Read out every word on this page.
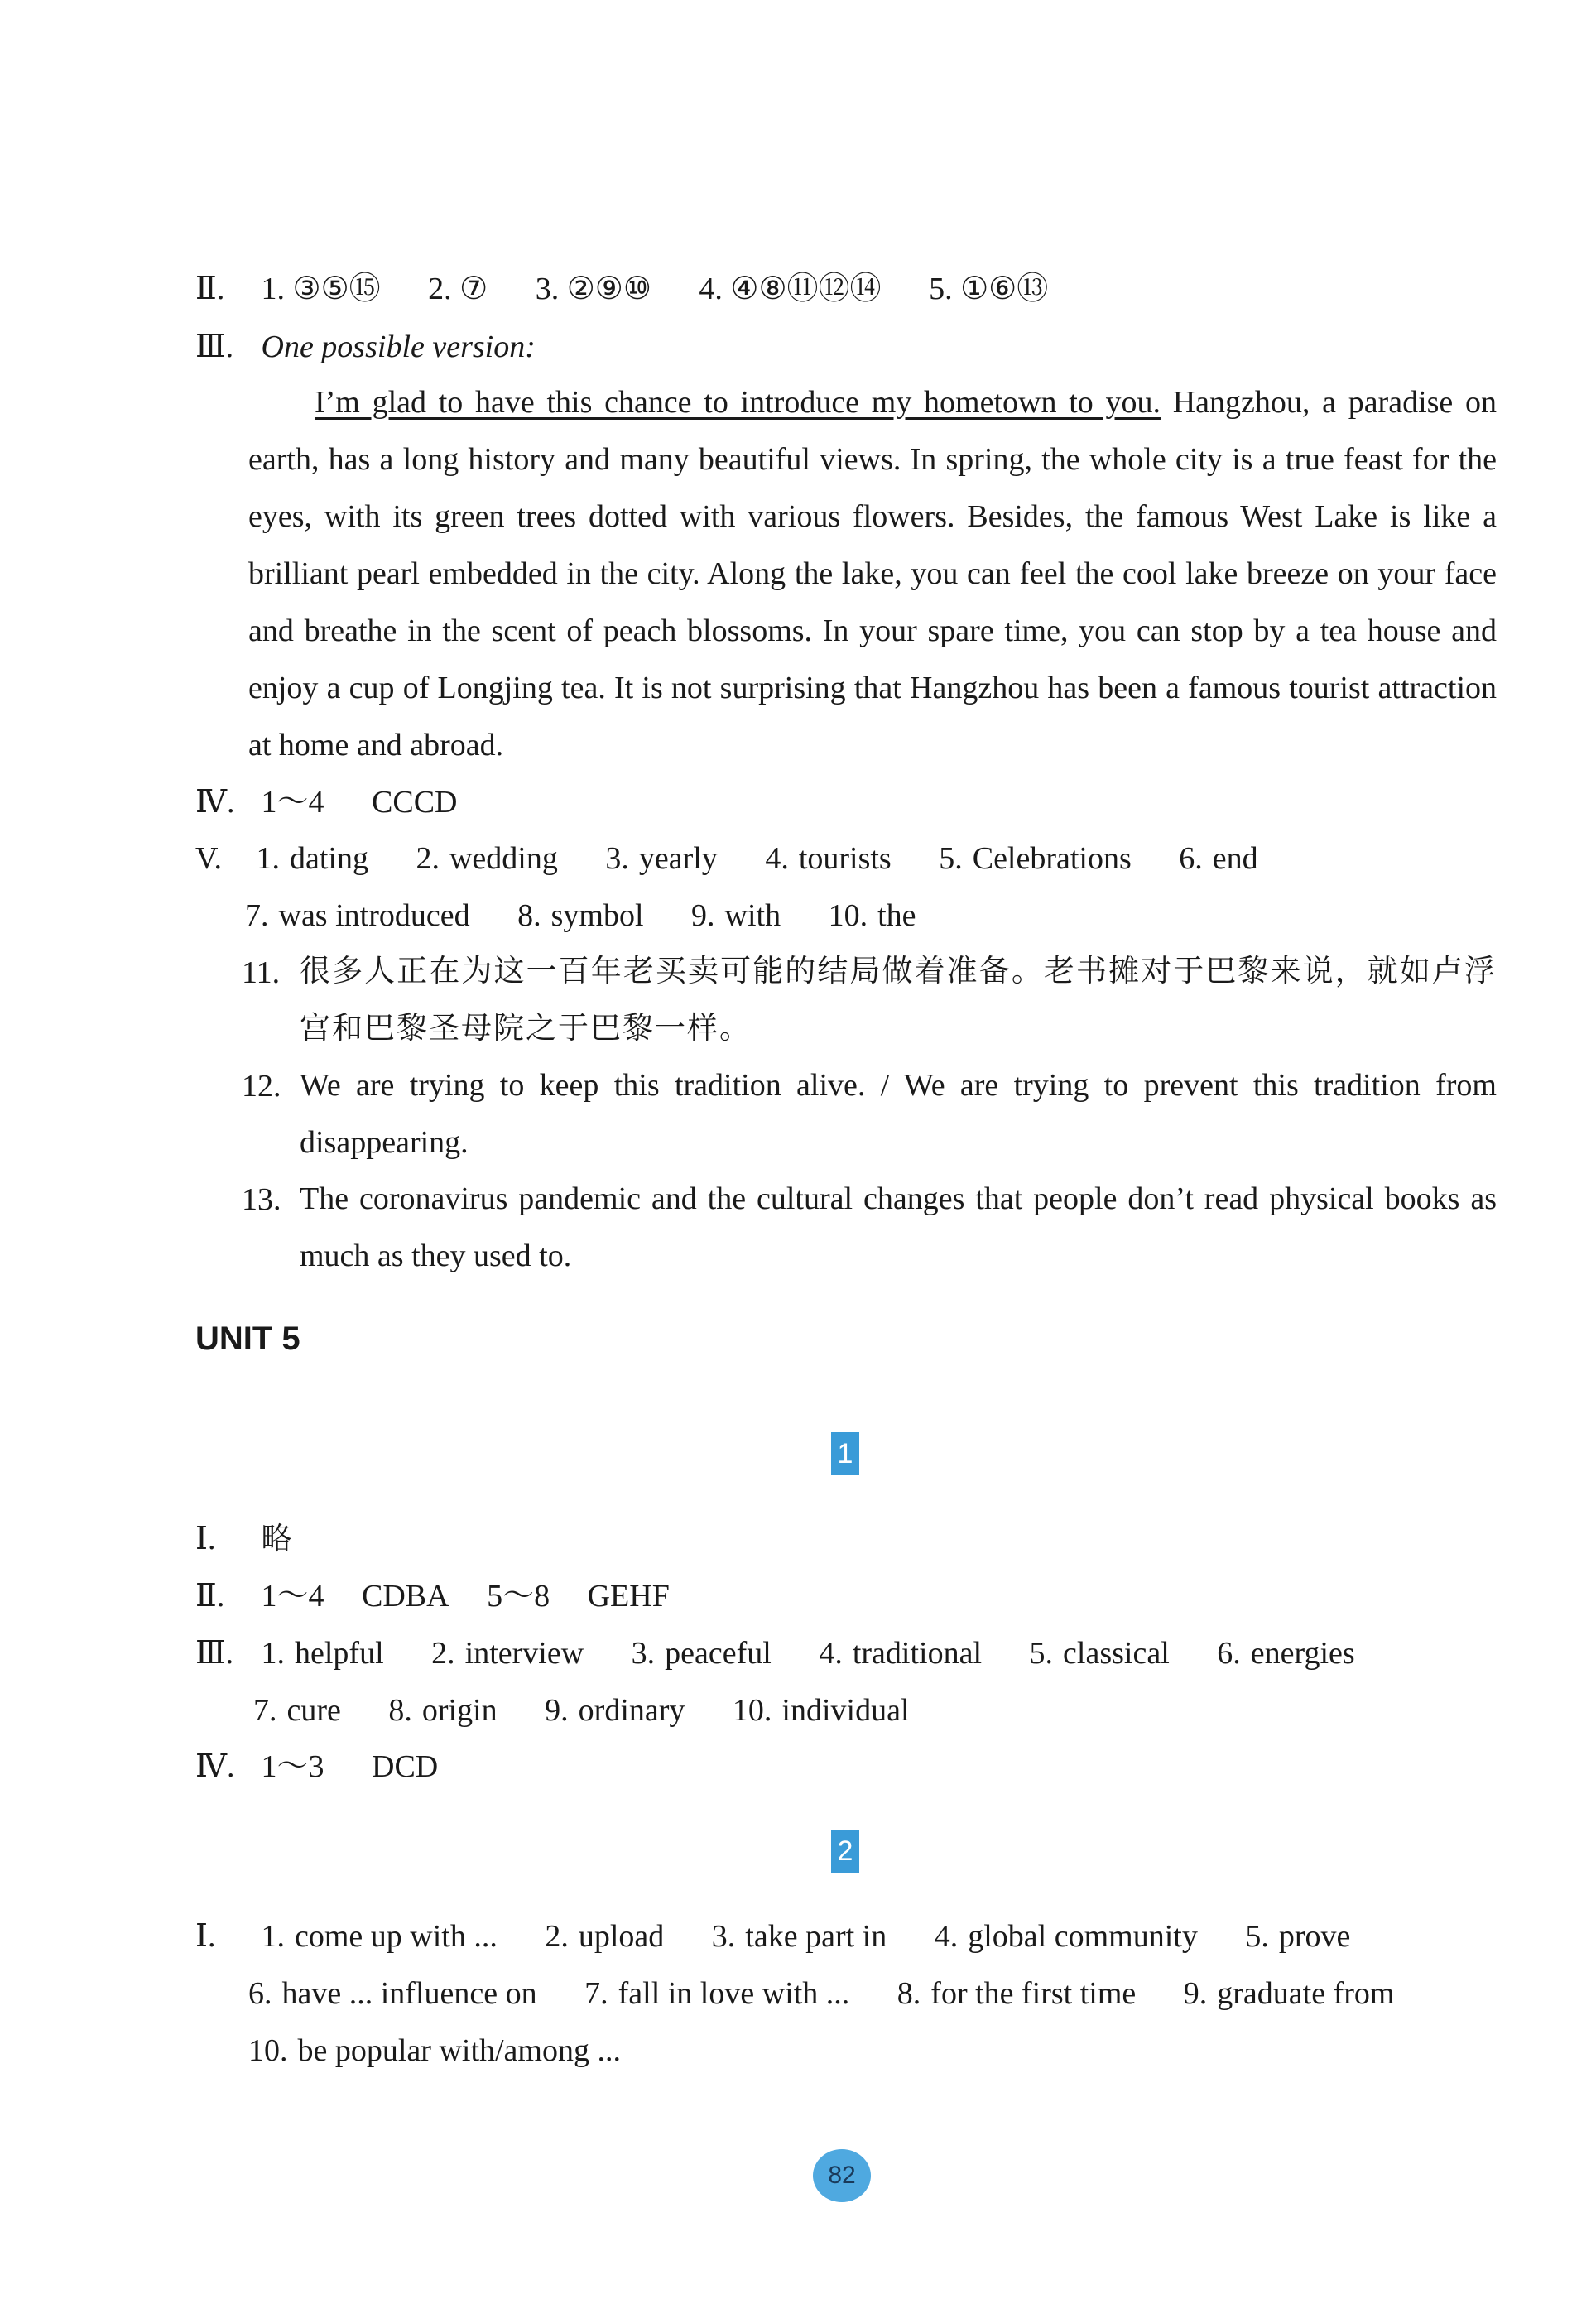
Ⅱ. 1. ③⑤⑮ 2. ⑦ 3. ②⑨⑩ 4. ④⑧⑪⑫⑭ 5. ①⑥⑬
Ⅲ. One possible version:
I’m glad to have this chance to introduce my hometown to you. Hangzhou, a paradise on earth, has a long history and many beautiful views. In spring, the whole city is a true feast for the eyes, with its green trees dotted with various flowers. Besides, the famous West Lake is like a brilliant pearl embedded in the city. Along the lake, you can feel the cool lake breeze on your face and breathe in the scent of peach blossoms. In your spare time, you can stop by a tea house and enjoy a cup of Longjing tea. It is not surprising that Hangzhou has been a famous tourist attraction at home and abroad.
Ⅳ. 1～4 CCCD
V. 1. dating 2. wedding 3. yearly 4. tourists 5. Celebrations 6. end
7. was introduced 8. symbol 9. with 10. the
11. 很多人正在为这一百年老买卖可能的结局做着准备。老书摊对于巴黎来说，就如卢浮宫和巴黎圣母院之于巴黎一样。
12. We are trying to keep this tradition alive. / We are trying to prevent this tradition from disappearing.
13. The coronavirus pandemic and the cultural changes that people don’t read physical books as much as they used to.
UNIT 5
1
Ⅰ. 略
Ⅱ. 1～4 CDBA 5～8 GEHF
Ⅲ. 1. helpful 2. interview 3. peaceful 4. traditional 5. classical 6. energies
7. cure 8. origin 9. ordinary 10. individual
Ⅳ. 1～3 DCD
2
Ⅰ. 1. come up with ... 2. upload 3. take part in 4. global community 5. prove
6. have ... influence on 7. fall in love with ... 8. for the first time 9. graduate from
10. be popular with/among ...
82
